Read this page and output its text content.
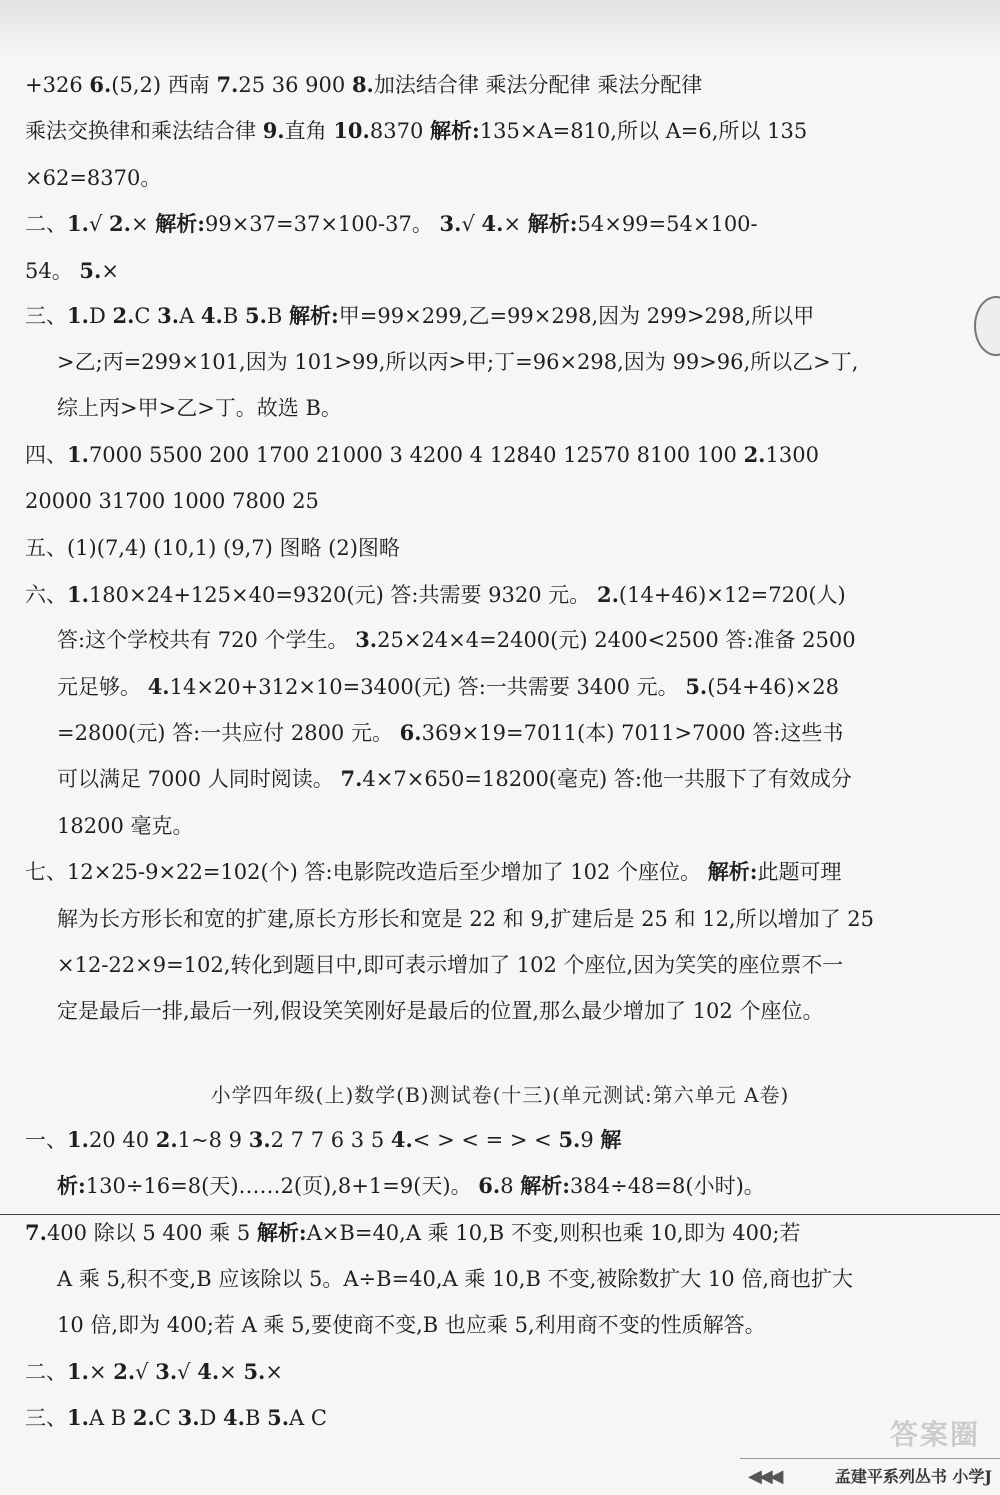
+326 6.(5,2) 西南 7.25 36 900 8.加法结合律 乘法分配律 乘法分配律
乘法交换律和乘法结合律 9.直角 10.8370 解析:135×A=810,所以 A=6,所以 135
×62=8370。
二、1.√ 2.× 解析:99×37=37×100-37。 3.√ 4.× 解析:54×99=54×100-
54。 5.×
三、1.D 2.C 3.A 4.B 5.B 解析:甲=99×299,乙=99×298,因为 299>298,所以甲
>乙;丙=299×101,因为 101>99,所以丙>甲;丁=96×298,因为 99>96,所以乙>丁,
综上丙>甲>乙>丁。故选 B。
四、1.7000 5500 200 1700 21000 3 4200 4 12840 12570 8100 100 2.1300
20000 31700 1000 7800 25
五、(1)(7,4) (10,1) (9,7) 图略 (2)图略
六、1.180×24+125×40=9320(元) 答:共需要 9320 元。 2.(14+46)×12=720(人)
答:这个学校共有 720 个学生。 3.25×24×4=2400(元) 2400<2500 答:准备 2500
元足够。 4.14×20+312×10=3400(元) 答:一共需要 3400 元。 5.(54+46)×28
=2800(元) 答:一共应付 2800 元。 6.369×19=7011(本) 7011>7000 答:这些书
可以满足 7000 人同时阅读。 7.4×7×650=18200(毫克) 答:他一共服下了有效成分
18200 毫克。
七、12×25-9×22=102(个) 答:电影院改造后至少增加了 102 个座位。 解析:此题可理
解为长方形长和宽的扩建,原长方形长和宽是 22 和 9,扩建后是 25 和 12,所以增加了 25
×12-22×9=102,转化到题目中,即可表示增加了 102 个座位,因为笑笑的座位票不一
定是最后一排,最后一列,假设笑笑刚好是最后的位置,那么最少增加了 102 个座位。
一、1.20 40 2.1~8 9 3.2 7 7 6 3 5 4.< > < = > < 5.9 解
析:130÷16=8(天)……2(页),8+1=9(天)。 6.8 解析:384÷48=8(小时)。
7.400 除以 5 400 乘 5 解析:A×B=40,A 乘 10,B 不变,则积也乘 10,即为 400;若
A 乘 5,积不变,B 应该除以 5。A÷B=40,A 乘 10,B 不变,被除数扩大 10 倍,商也扩大
10 倍,即为 400;若 A 乘 5,要使商不变,B 也应乘 5,利用商不变的性质解答。
二、1.× 2.√ 3.√ 4.× 5.×
三、1.A B 2.C 3.D 4.B 5.A C
小学四年级(上)数学(B)测试卷(十三)(单元测试:第六单元 A卷)
答案圈
◀◀◀	孟建平系列丛书 小学J
